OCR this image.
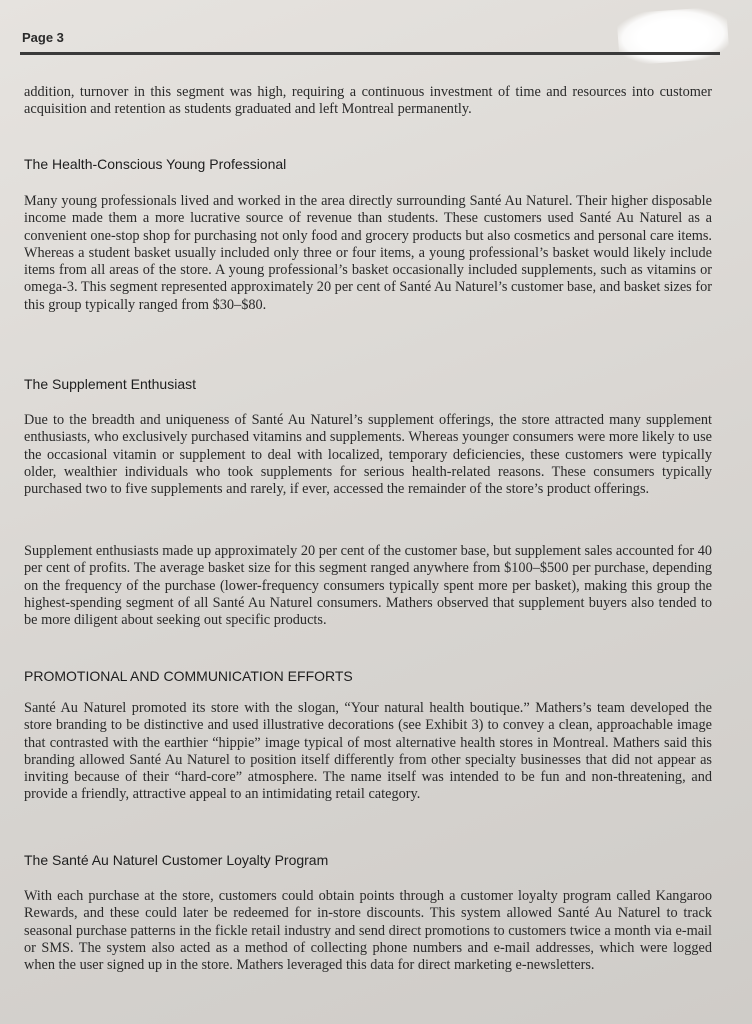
Page 3

addition, turnover in this segment was high, requiring a continuous investment of time and resources into customer acquisition and retention as students graduated and left Montreal permanently.

The Health-Conscious Young Professional

Many young professionals lived and worked in the area directly surrounding Santé Au Naturel. Their higher disposable income made them a more lucrative source of revenue than students. These customers used Santé Au Naturel as a convenient one-stop shop for purchasing not only food and grocery products but also cosmetics and personal care items. Whereas a student basket usually included only three or four items, a young professional’s basket would likely include items from all areas of the store. A young professional’s basket occasionally included supplements, such as vitamins or omega-3. This segment represented approximately 20 per cent of Santé Au Naturel’s customer base, and basket sizes for this group typically ranged from $30–$80.

The Supplement Enthusiast

Due to the breadth and uniqueness of Santé Au Naturel’s supplement offerings, the store attracted many supplement enthusiasts, who exclusively purchased vitamins and supplements. Whereas younger consumers were more likely to use the occasional vitamin or supplement to deal with localized, temporary deficiencies, these customers were typically older, wealthier individuals who took supplements for serious health-related reasons. These consumers typically purchased two to five supplements and rarely, if ever, accessed the remainder of the store’s product offerings.

Supplement enthusiasts made up approximately 20 per cent of the customer base, but supplement sales accounted for 40 per cent of profits. The average basket size for this segment ranged anywhere from $100–$500 per purchase, depending on the frequency of the purchase (lower-frequency consumers typically spent more per basket), making this group the highest-spending segment of all Santé Au Naturel consumers. Mathers observed that supplement buyers also tended to be more diligent about seeking out specific products.

PROMOTIONAL AND COMMUNICATION EFFORTS

Santé Au Naturel promoted its store with the slogan, “Your natural health boutique.” Mathers’s team developed the store branding to be distinctive and used illustrative decorations (see Exhibit 3) to convey a clean, approachable image that contrasted with the earthier “hippie” image typical of most alternative health stores in Montreal. Mathers said this branding allowed Santé Au Naturel to position itself differently from other specialty businesses that did not appear as inviting because of their “hard-core” atmosphere. The name itself was intended to be fun and non-threatening, and provide a friendly, attractive appeal to an intimidating retail category.

The Santé Au Naturel Customer Loyalty Program

With each purchase at the store, customers could obtain points through a customer loyalty program called Kangaroo Rewards, and these could later be redeemed for in-store discounts. This system allowed Santé Au Naturel to track seasonal purchase patterns in the fickle retail industry and send direct promotions to customers twice a month via e-mail or SMS. The system also acted as a method of collecting phone numbers and e-mail addresses, which were logged when the user signed up in the store. Mathers leveraged this data for direct marketing e-newsletters.
